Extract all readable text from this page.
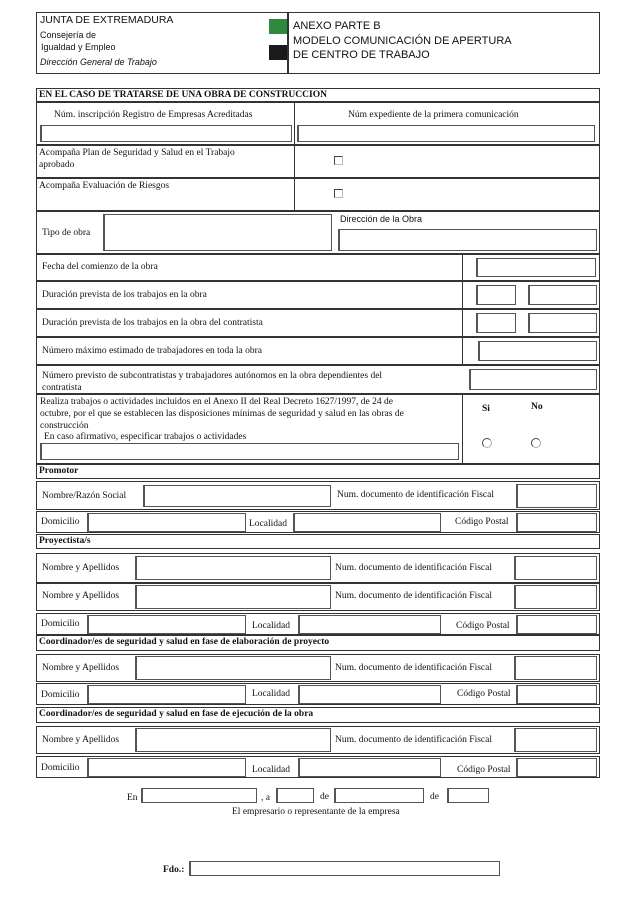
JUNTA DE EXTREMADURA
Consejería de
Igualdad y Empleo
Dirección General de Trabajo
ANEXO PARTE B
MODELO COMUNICACIÓN DE APERTURA
DE CENTRO DE TRABAJO
EN EL CASO DE TRATARSE DE UNA OBRA DE CONSTRUCCION
Núm. inscripción Registro de Empresas Acreditadas	Núm expediente de la primera comunicación
Acompaña Plan de Seguridad y Salud en el Trabajo
aprobado
Acompaña Evaluación de Riesgos
Tipo de obra
Dirección de la Obra
Fecha del comienzo de la obra
Duración prevista de los trabajos en la obra
Duración prevista de los trabajos en la obra del contratista
Número máximo estimado de trabajadores en toda la obra
Número previsto de subcontratistas y trabajadores autónomos en la obra dependientes del
contratista
Realiza trabajos o actividades incluidos en el Anexo II del Real Decreto 1627/1997, de 24 de
octubre, por el que se establecen las disposiciones mínimas de seguridad y salud en las obras de
construcción
Si	No
En caso afirmativo, especificar trabajos o actividades
Promotor
Nombre/Razón Social	Num. documento de identificación Fiscal
Domicilio	Localidad	Código Postal
Proyectista/s
Nombre y Apellidos	Num. documento de identificación Fiscal
Nombre y Apellidos	Num. documento de identificación Fiscal
Domicilio	Localidad	Código Postal
Coordinador/es de seguridad y salud en fase de elaboración de proyecto
Nombre y Apellidos	Num. documento de identificación Fiscal
Domicilio	Localidad	Código Postal
Coordinador/es de seguridad y salud en fase de ejecución de la obra
Nombre y Apellidos	Num. documento de identificación Fiscal
Domicilio	Localidad	Código Postal
En	, a	de	de
El empresario o representante de la empresa
Fdo.:
